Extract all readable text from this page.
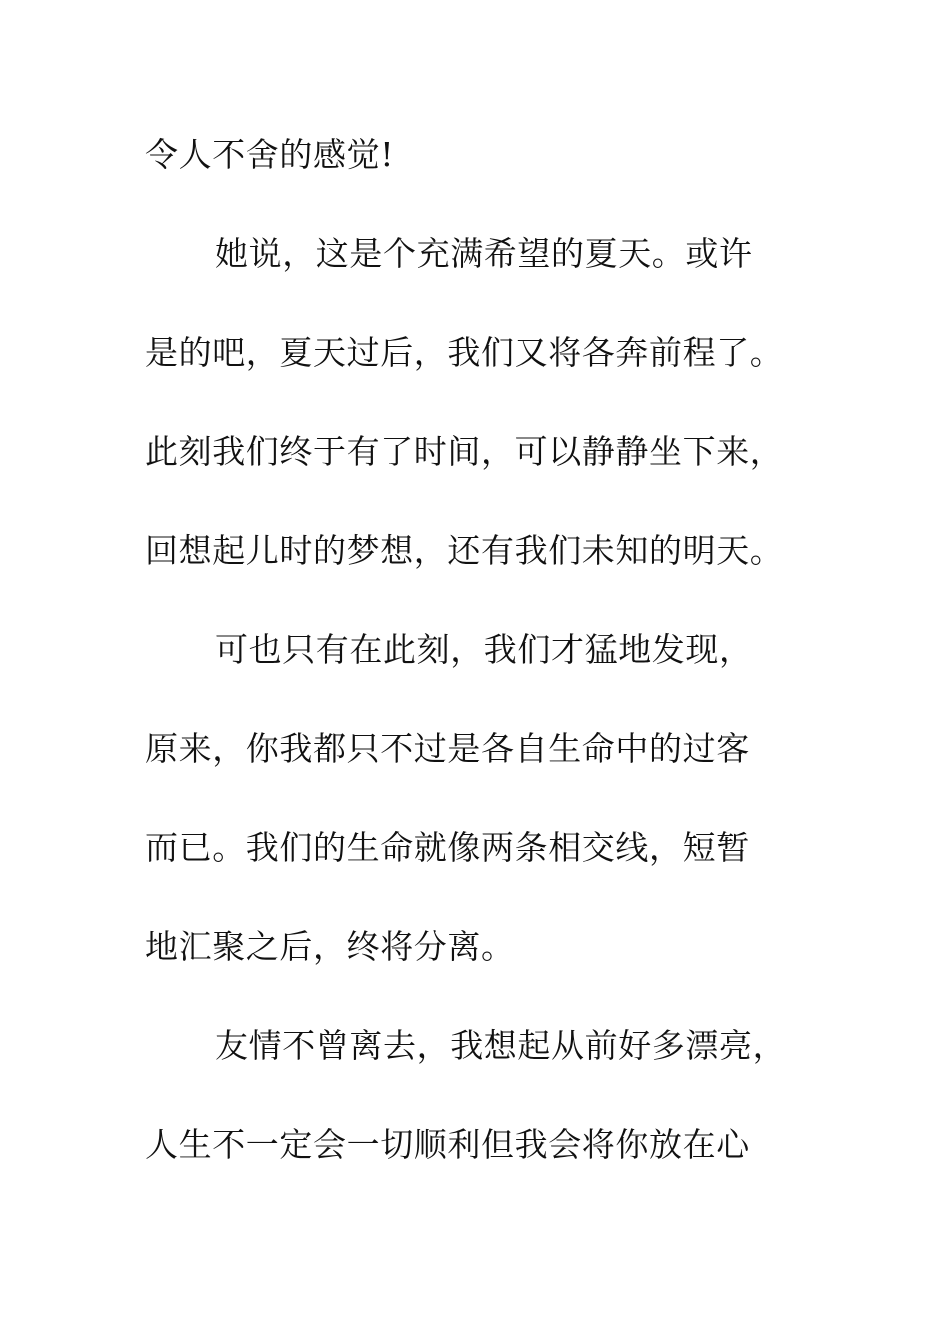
令人不舍的感觉!
她说，这是个充满希望的夏天。或许
是的吧，夏天过后，我们又将各奔前程了。
此刻我们终于有了时间，可以静静坐下来，
回想起儿时的梦想，还有我们未知的明天。
可也只有在此刻，我们才猛地发现，
原来，你我都只不过是各自生命中的过客
而已。我们的生命就像两条相交线，短暂
地汇聚之后，终将分离。
友情不曾离去，我想起从前好多漂亮，
人生不一定会一切顺利但我会将你放在心
